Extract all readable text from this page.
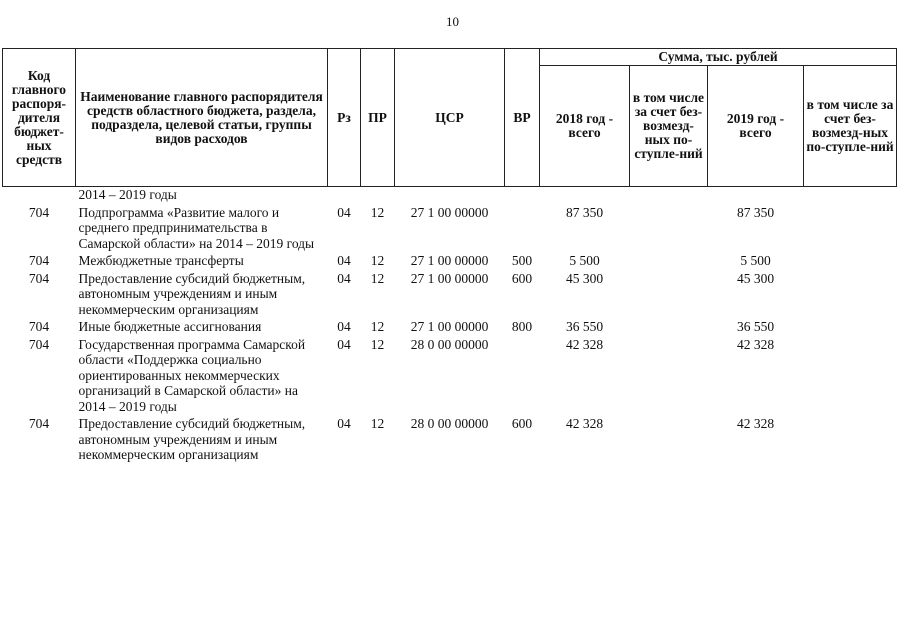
10
Код главного распоря-дителя бюджет-ных средств	Наименование главного распорядителя средств областного бюджета, раздела, подраздела, целевой статьи, группы видов расходов	Рз	ПР	ЦСР	ВР	Сумма, тыс. рублей			
						2018 год - всего	в том числе за счет без-возмезд-ных по-ступле-ний	2019 год - всего	в том числе за счет без-возмезд-ных по-ступле-ний
	2014 – 2019 годы								
704	Подпрограмма «Развитие малого и среднего предпринимательства в Самарской области» на 2014 – 2019 годы	04	12	27 1 00 00000		87 350		87 350	
704	Межбюджетные трансферты	04	12	27 1 00 00000	500	5 500		5 500	
704	Предоставление субсидий бюджетным, автономным учреждениям и иным некоммерческим организациям	04	12	27 1 00 00000	600	45 300		45 300	
704	Иные бюджетные ассигнования	04	12	27 1 00 00000	800	36 550		36 550	
704	Государственная программа Самарской области «Поддержка социально ориентированных некоммерческих организаций в Самарской области» на 2014 – 2019 годы	04	12	28 0 00 00000		42 328		42 328	
704	Предоставление субсидий бюджетным, автономным учреждениям и иным некоммерческим организациям	04	12	28 0 00 00000	600	42 328		42 328	
